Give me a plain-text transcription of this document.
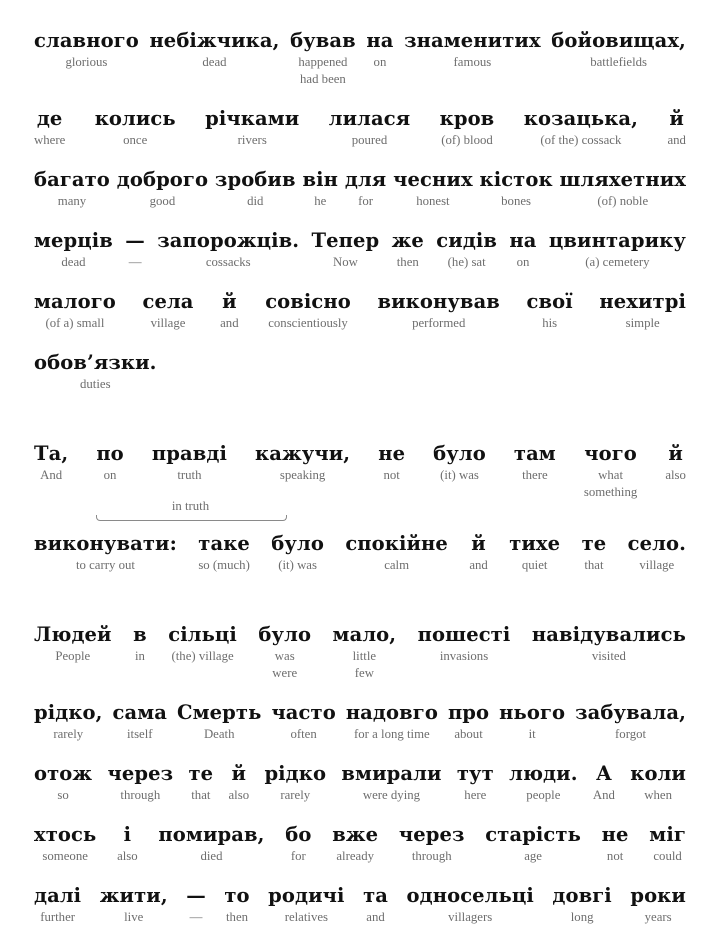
славного
glorious
небіжчика,
dead
бував
happened
had been
на
on
знаменитих
famous
бойовищах,
battlefields
де
where
колись
once
річками
rivers
лилася
poured
кров
(of) blood
козацька,
(of the) cossack
й
and
багато
many
доброго
good
зробив
did
він
he
для
for
чесних
honest
кісток
bones
шляхетних
(of) noble
мерців
dead
—
—
запорожців.
cossacks
Тепер
Now
же
then
сидів
(he) sat
на
on
цвинтарику
(a) cemetery
малого
(of a) small
села
village
й
and
совісно
conscientiously
виконував
performed
свої
his
нехитрі
simple
обов’язки.
duties
Та,
And
по
on
правді
truth
кажучи,
speaking
не
not
було
(it) was
там
there
чого
what
something
й
also
in truth
виконувати:
to carry out
таке
so (much)
було
(it) was
спокійне
calm
й
and
тихе
quiet
те
that
село.
village
Людей
People
в
in
сільці
(the) village
було
was
were
мало,
little
few
пошесті
invasions
навідувались
visited
рідко,
rarely
сама
itself
Смерть
Death
часто
often
надовго
for a long time
про
about
нього
it
забувала,
forgot
отож
so
через
through
те
that
й
also
рідко
rarely
вмирали
were dying
тут
here
люди.
people
А
And
коли
when
хтось
someone
і
also
помирав,
died
бо
for
вже
already
через
through
старість
age
не
not
міг
could
далі
further
жити,
live
—
—
то
then
родичі
relatives
та
and
односельці
villagers
довгі
long
роки
years
